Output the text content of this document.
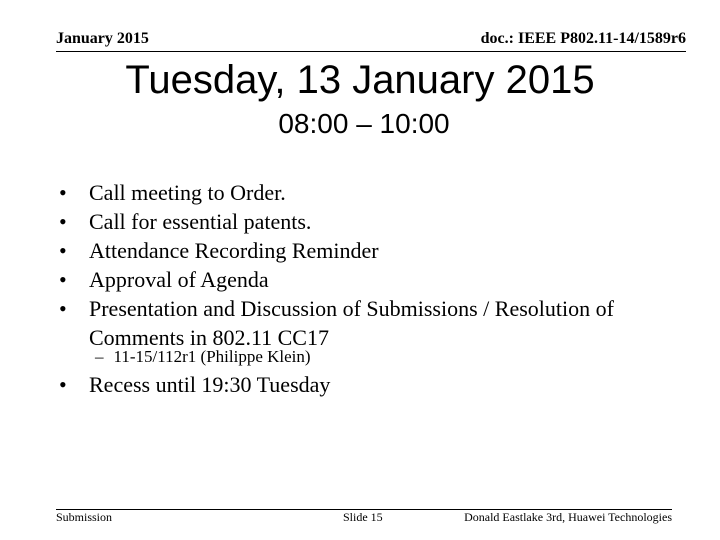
January 2015	doc.: IEEE P802.11-14/1589r6
Tuesday, 13 January 2015
08:00 – 10:00
• Call meeting to Order.
• Call for essential patents.
• Attendance Recording Reminder
• Approval of Agenda
• Presentation and Discussion of Submissions / Resolution of Comments in 802.11 CC17
– 11-15/112r1 (Philippe Klein)
• Recess until 19:30 Tuesday
Submission	Slide 15	Donald Eastlake 3rd, Huawei Technologies
